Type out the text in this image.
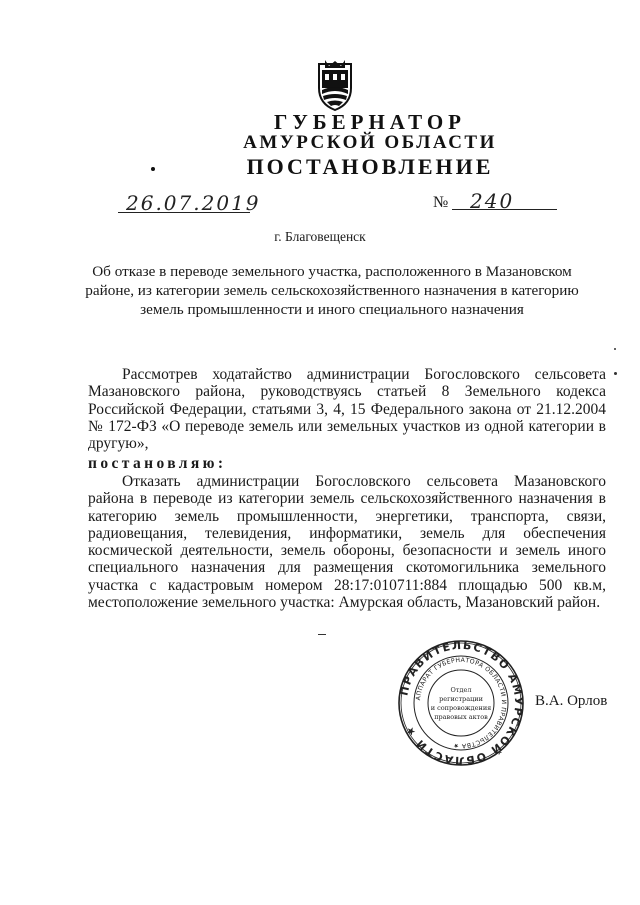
ГУБЕРНАТОР
АМУРСКОЙ ОБЛАСТИ
ПОСТАНОВЛЕНИЕ
26.07.2019	№ 240
г. Благовещенск
Об отказе в переводе земельного участка, расположенного в Мазановском районе, из категории земель сельскохозяйственного назначения в категорию земель промышленности и иного специального назначения
Рассмотрев ходатайство администрации Богословского сельсовета Мазановского района, руководствуясь статьей 8 Земельного кодекса Российской Федерации, статьями 3, 4, 15 Федерального закона от 21.12.2004 № 172-ФЗ «О переводе земель или земельных участков из одной категории в другую»,
постановляю:
Отказать администрации Богословского сельсовета Мазановского района в переводе из категории земель сельскохозяйственного назначения в категорию земель промышленности, энергетики, транспорта, связи, радиовещания, телевидения, информатики, земель для обеспечения космической деятельности, земель обороны, безопасности и земель иного специального назначения для размещения скотомогильника земельного участка с кадастровым номером 28:17:010711:884 площадью 500 кв.м, местоположение земельного участка: Амурская область, Мазановский район.
ПРАВИТЕЛЬСТВО АМУРСКОЙ ОБЛАСТИ ★
АППАРАТ ГУБЕРНАТОРА ОБЛАСТИ И ПРАВИТЕЛЬСТВА ★
Отдел
регистрации
и сопровождения
правовых актов
В.А. Орлов
